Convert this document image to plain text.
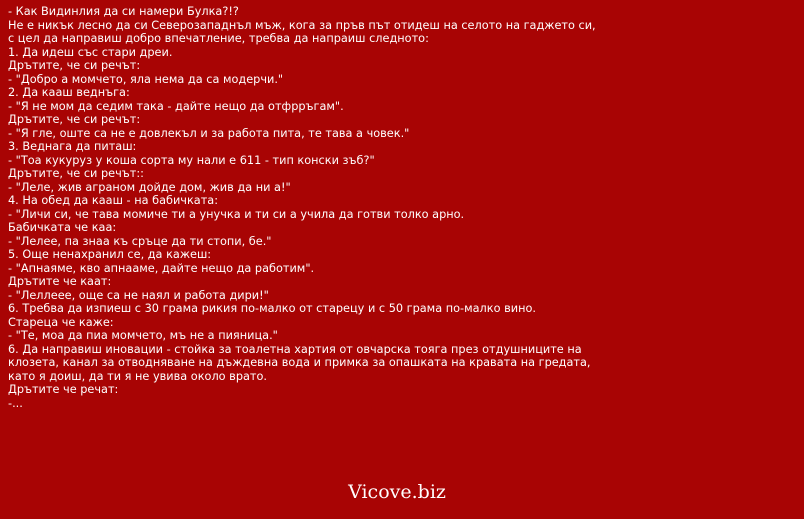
- Как Видинлия да си намери Булка?!?
Не е никък лесно да си Северозападнъл мъж, кога за пръв път отидеш на селото на гаджето си,
с цел да направиш добро впечатление, требва да напраиш следното:
1. Да идеш със стари дреи.
Дрътите, че си речът:
- "Добро а момчето, яла нема да са модерчи."
2. Да кааш веднъга:
- "Я не мом да седим така - дайте нещо да отфрръгам".
Дрътите, че си речът:
- "Я гле, оште са не е довлекъл и за работа пита, те тава а човек."
3. Веднага да питаш:
- "Тоа кукуруз у коша сорта му нали е 611 - тип конски зъб?"
Дрътите, че си речът::
- "Леле, жив аграном дойде дом, жив да ни а!"
4. На обед да кааш - на бабичката:
- "Личи си, че тава момиче ти а унучка и ти си а учила да готви толко арно.
Бабичката че каа:
- "Лелее, па знаа къ сръце да ти стопи, бе."
5. Още ненахранил се, да кажеш:
- "Апнаяме, кво апнааме, дайте нещо да работим".
Дрътите че каат:
- "Леллеее, още са не наял и работа дири!"
6. Требва да изпиеш с 30 грама рикия по-малко от старецу и с 50 грама по-малко вино.
Стареца че каже:
- "Те, моа да пиа момчето, мъ не а пияница."
6. Да направиш иновации - стойка за тоалетна хартия от овчарска тояга през отдушниците на
клозета, канал за отводняване на дъждевна вода и примка за опашката на кравата на гредата,
като я доиш, да ти я не увива около врато.
Дрътите че речат:
-...
Vicove.biz
